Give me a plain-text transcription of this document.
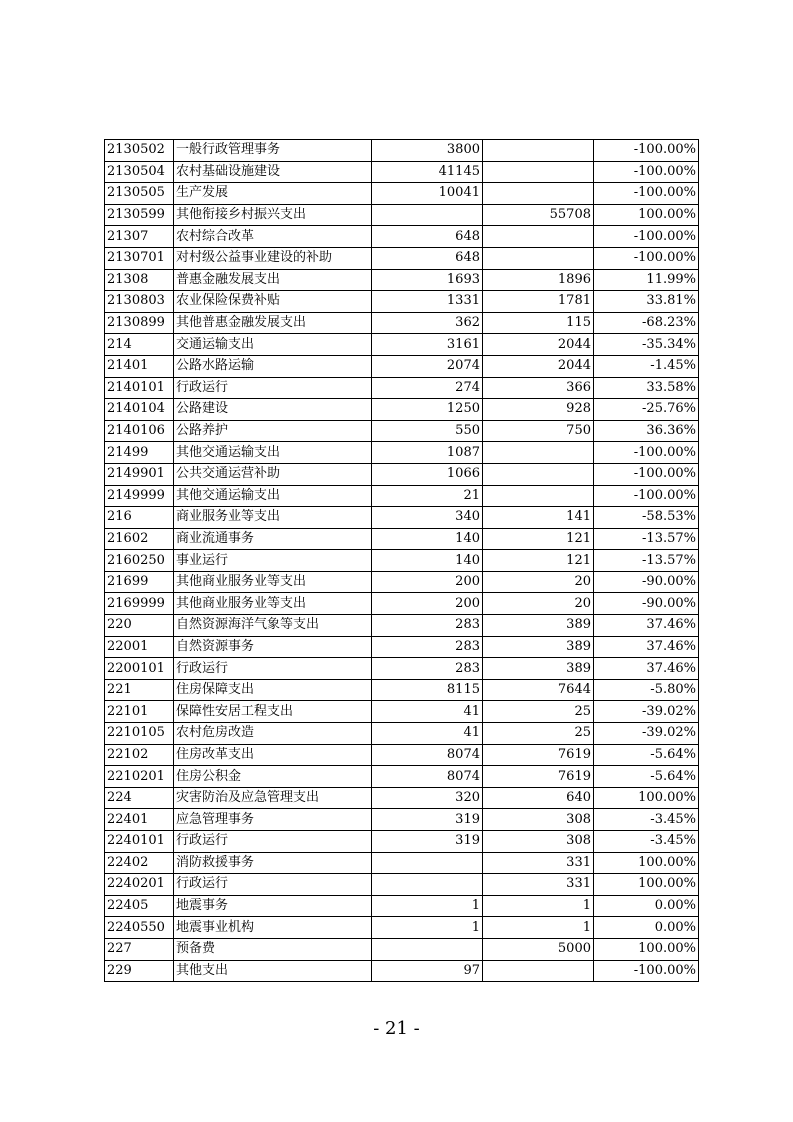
2130502	一般行政管理事务	3800		-100.00%
2130504	农村基础设施建设	41145		-100.00%
2130505	生产发展	10041		-100.00%
2130599	其他衔接乡村振兴支出		55708	100.00%
21307	农村综合改革	648		-100.00%
2130701	对村级公益事业建设的补助	648		-100.00%
21308	普惠金融发展支出	1693	1896	11.99%
2130803	农业保险保费补贴	1331	1781	33.81%
2130899	其他普惠金融发展支出	362	115	-68.23%
214	交通运输支出	3161	2044	-35.34%
21401	公路水路运输	2074	2044	-1.45%
2140101	行政运行	274	366	33.58%
2140104	公路建设	1250	928	-25.76%
2140106	公路养护	550	750	36.36%
21499	其他交通运输支出	1087		-100.00%
2149901	公共交通运营补助	1066		-100.00%
2149999	其他交通运输支出	21		-100.00%
216	商业服务业等支出	340	141	-58.53%
21602	商业流通事务	140	121	-13.57%
2160250	事业运行	140	121	-13.57%
21699	其他商业服务业等支出	200	20	-90.00%
2169999	其他商业服务业等支出	200	20	-90.00%
220	自然资源海洋气象等支出	283	389	37.46%
22001	自然资源事务	283	389	37.46%
2200101	行政运行	283	389	37.46%
221	住房保障支出	8115	7644	-5.80%
22101	保障性安居工程支出	41	25	-39.02%
2210105	农村危房改造	41	25	-39.02%
22102	住房改革支出	8074	7619	-5.64%
2210201	住房公积金	8074	7619	-5.64%
224	灾害防治及应急管理支出	320	640	100.00%
22401	应急管理事务	319	308	-3.45%
2240101	行政运行	319	308	-3.45%
22402	消防救援事务		331	100.00%
2240201	行政运行		331	100.00%
22405	地震事务	1	1	0.00%
2240550	地震事业机构	1	1	0.00%
227	预备费		5000	100.00%
229	其他支出	97		-100.00%
- 21 -
